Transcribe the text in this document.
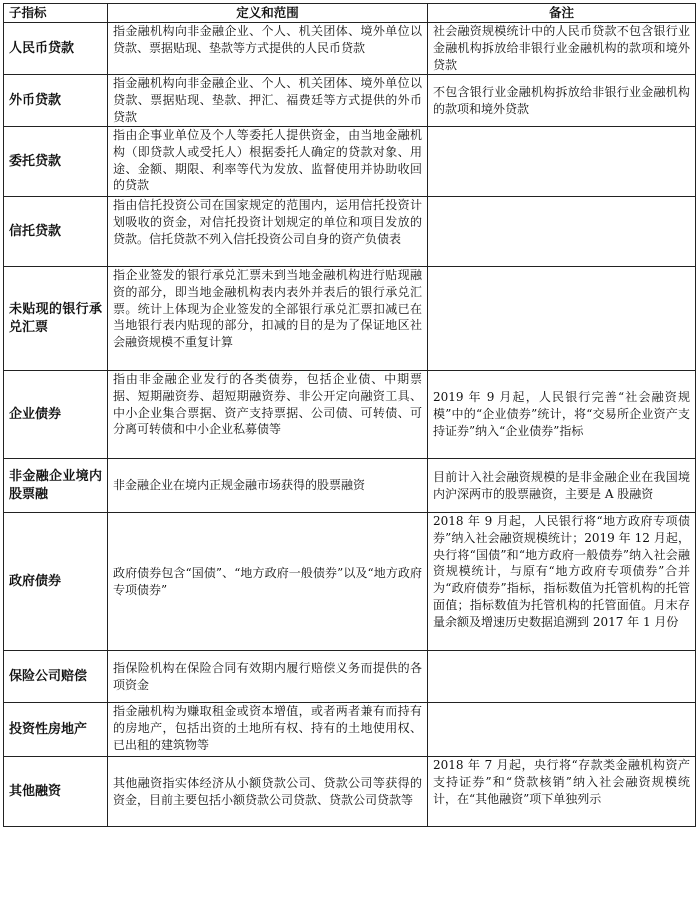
子指标	定义和范围	备注
人民币贷款	指金融机构向非金融企业、个人、机关团体、境外单位以贷款、票据贴现、垫款等方式提供的人民币贷款	社会融资规模统计中的人民币贷款不包含银行业金融机构拆放给非银行业金融机构的款项和境外贷款
外币贷款	指金融机构向非金融企业、个人、机关团体、境外单位以贷款、票据贴现、垫款、押汇、福费廷等方式提供的外币贷款	不包含银行业金融机构拆放给非银行业金融机构的款项和境外贷款
委托贷款	指由企事业单位及个人等委托人提供资金，由当地金融机构（即贷款人或受托人）根据委托人确定的贷款对象、用途、金额、期限、利率等代为发放、监督使用并协助收回的贷款	
信托贷款	指由信托投资公司在国家规定的范围内，运用信托投资计划吸收的资金，对信托投资计划规定的单位和项目发放的贷款。信托贷款不列入信托投资公司自身的资产负债表	
未贴现的银行承兑汇票	指企业签发的银行承兑汇票未到当地金融机构进行贴现融资的部分，即当地金融机构表内表外并表后的银行承兑汇票。统计上体现为企业签发的全部银行承兑汇票扣减已在当地银行表内贴现的部分，扣减的目的是为了保证地区社会融资规模不重复计算	
企业债券	指由非金融企业发行的各类债券，包括企业债、中期票据、短期融资券、超短期融资券、非公开定向融资工具、中小企业集合票据、资产支持票据、公司债、可转债、可分离可转债和中小企业私募债等	2019 年 9 月起，人民银行完善“社会融资规模”中的“企业债券”统计，将“交易所企业资产支持证券”纳入“企业债券”指标
非金融企业境内股票融	非金融企业在境内正规金融市场获得的股票融资	目前计入社会融资规模的是非金融企业在我国境内沪深两市的股票融资，主要是 A 股融资
政府债券	政府债券包含“国债”、“地方政府一般债券”以及“地方政府专项债券”	2018 年 9 月起，人民银行将“地方政府专项债券”纳入社会融资规模统计；2019 年 12 月起，央行将“国债”和“地方政府一般债券”纳入社会融资规模统计，与原有“地方政府专项债券”合并为“政府债券”指标，指标数值为托管机构的托管面值；指标数值为托管机构的托管面值。月末存量余额及增速历史数据追溯到 2017 年 1 月份
保险公司赔偿	指保险机构在保险合同有效期内履行赔偿义务而提供的各项资金	
投资性房地产	指金融机构为赚取租金或资本增值，或者两者兼有而持有的房地产，包括出资的土地所有权、持有的土地使用权、已出租的建筑物等	
其他融资	其他融资指实体经济从小额贷款公司、贷款公司等获得的资金，目前主要包括小额贷款公司贷款、贷款公司贷款等	2018 年 7 月起，央行将“存款类金融机构资产支持证券”和“贷款核销”纳入社会融资规模统计，在“其他融资”项下单独列示
